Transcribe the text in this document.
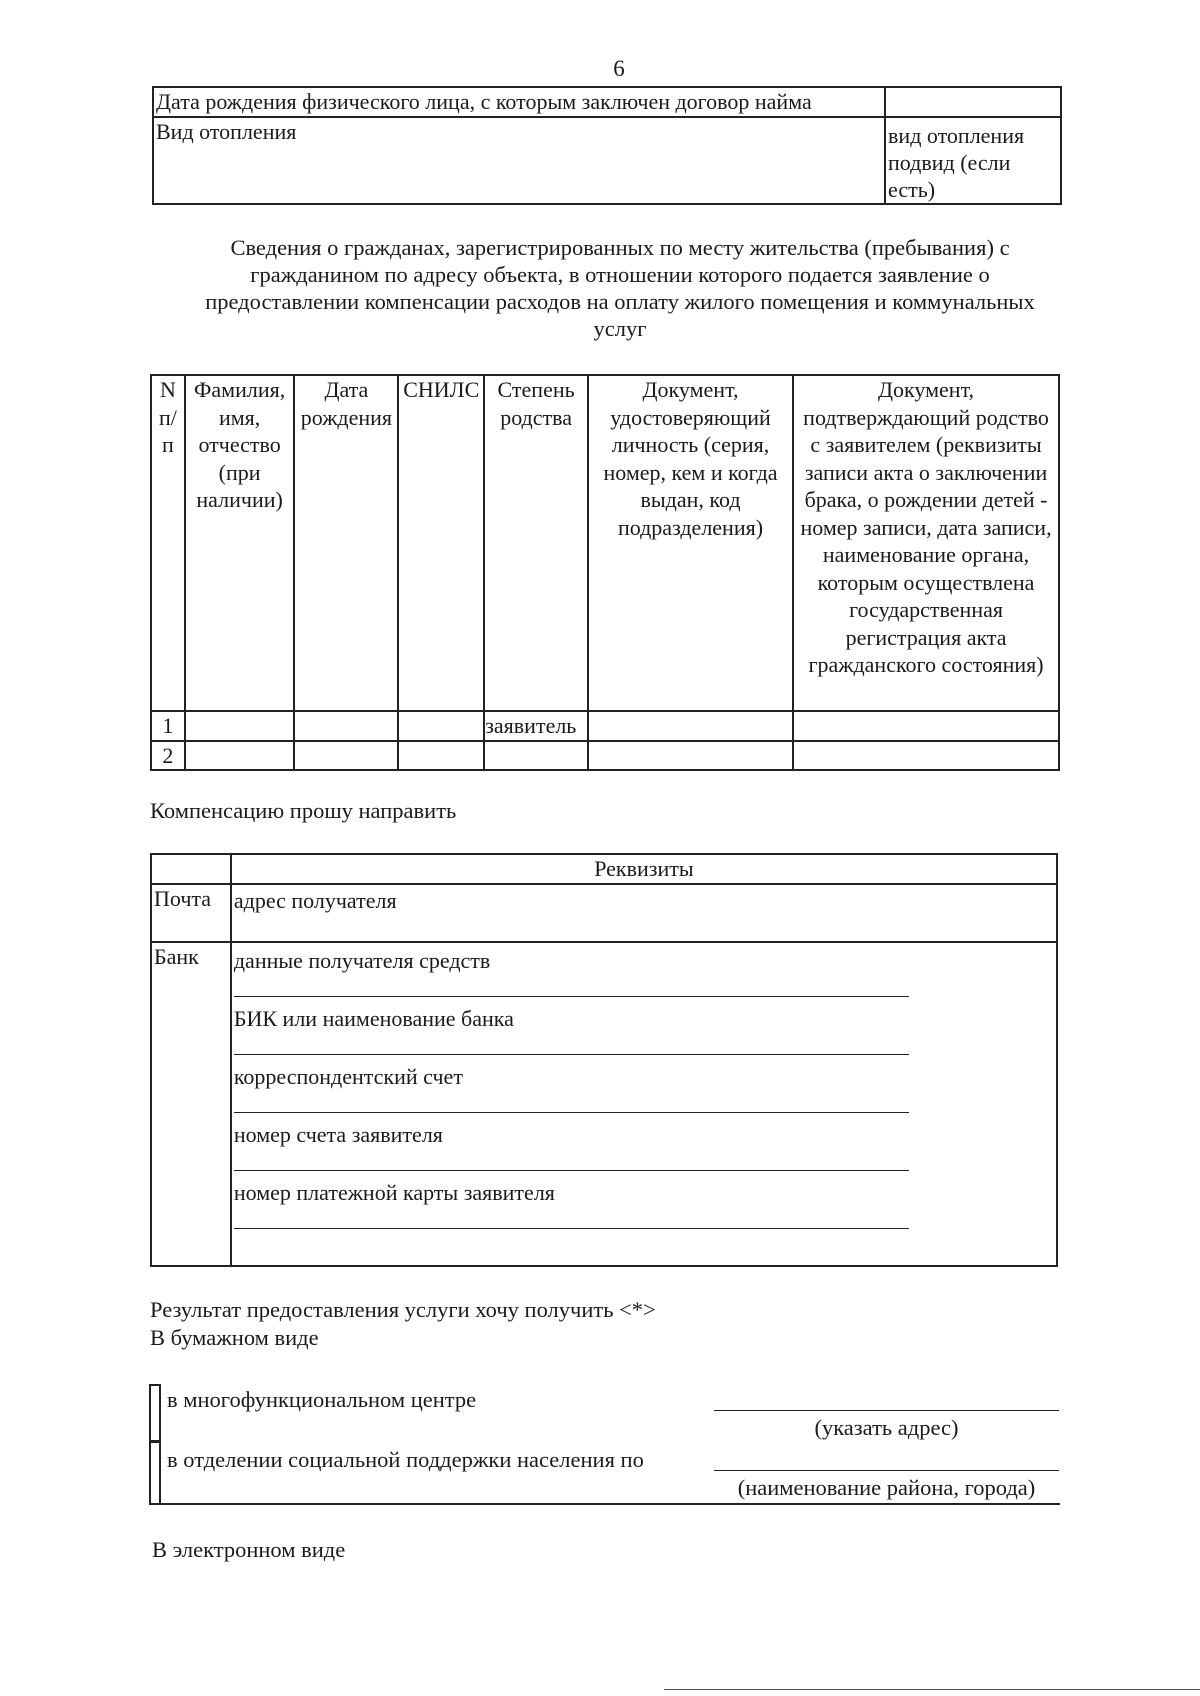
6
Дата рождения физического лица, с которым заключен договор найма	
Вид отопления	вид отопления подвид (если есть)
Сведения о гражданах, зарегистрированных по месту жительства (пребывания) с гражданином по адресу объекта, в отношении которого подается заявление о предоставлении компенсации расходов на оплату жилого помещения и коммунальных услуг
N п/п	Фамилия, имя, отчество (при наличии)	Дата рождения	СНИЛС	Степень родства	Документ, удостоверяющий личность (серия, номер, кем и когда выдан, код подразделения)	Документ, подтверждающий родство с заявителем (реквизиты записи акта о заключении брака, о рождении детей - номер записи, дата записи, наименование органа, которым осуществлена государственная регистрация акта гражданского состояния)
1				заявитель		
2						
Компенсацию прошу направить
	Реквизиты
Почта	адрес получателя
Банк	данные получателя средств
БИК или наименование банка
корреспондентский счет
номер счета заявителя
номер платежной карты заявителя
Результат предоставления услуги хочу получить <*>
В бумажном виде
в многофункциональном центре
(указать адрес)
в отделении социальной поддержки населения по
(наименование района, города)
В электронном виде
